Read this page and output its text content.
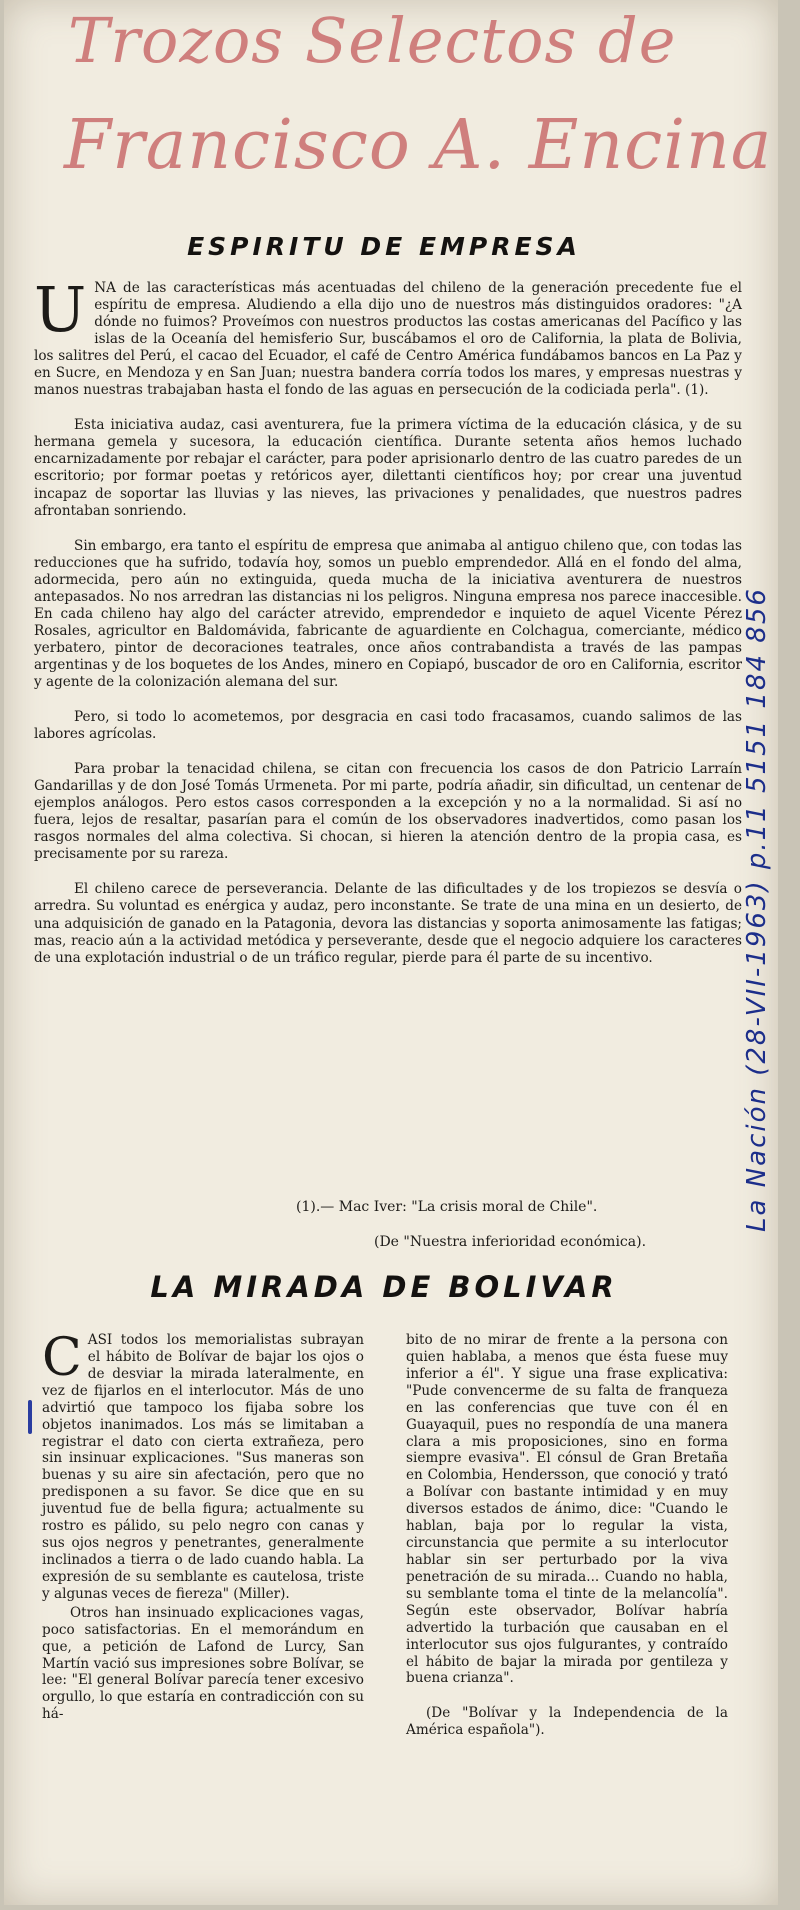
Trozos Selectos de
Francisco A. Encina
ESPIRITU DE EMPRESA

UNA de las características más acentuadas del chileno de la generación precedente fue el espíritu de empresa. Aludiendo a ella dijo uno de nuestros más distinguidos oradores: "¿A dónde no fuimos? Proveímos con nuestros productos las costas americanas del Pacífico y las islas de la Oceanía del hemisferio Sur, buscábamos el oro de California, la plata de Bolivia, los salitres del Perú, el cacao del Ecuador, el café de Centro América fundábamos bancos en La Paz y en Sucre, en Mendoza y en San Juan; nuestra bandera corría todos los mares, y empresas nuestras y manos nuestras trabajaban hasta el fondo de las aguas en persecución de la codiciada perla". (1).

Esta iniciativa audaz, casi aventurera, fue la primera víctima de la educación clásica, y de su hermana gemela y sucesora, la educación científica. Durante setenta años hemos luchado encarnizadamente por rebajar el carácter, para poder aprisionarlo dentro de las cuatro paredes de un escritorio; por formar poetas y retóricos ayer, dilettanti científicos hoy; por crear una juventud incapaz de soportar las lluvias y las nieves, las privaciones y penalidades, que nuestros padres afrontaban sonriendo.

Sin embargo, era tanto el espíritu de empresa que animaba al antiguo chileno que, con todas las reducciones que ha sufrido, todavía hoy, somos un pueblo emprendedor. Allá en el fondo del alma, adormecida, pero aún no extinguida, queda mucha de la iniciativa aventurera de nuestros antepasados. No nos arredran las distancias ni los peligros. Ninguna empresa nos parece inaccesible. En cada chileno hay algo del carácter atrevido, emprendedor e inquieto de aquel Vicente Pérez Rosales, agricultor en Baldomávida, fabricante de aguardiente en Colchagua, comerciante, médico yerbatero, pintor de decoraciones teatrales, once años contrabandista a través de las pampas argentinas y de los boquetes de los Andes, minero en Copiapó, buscador de oro en California, escritor y agente de la colonización alemana del sur.

Pero, si todo lo acometemos, por desgracia en casi todo fracasamos, cuando salimos de las labores agrícolas.

Para probar la tenacidad chilena, se citan con frecuencia los casos de don Patricio Larraín Gandarillas y de don José Tomás Urmeneta. Por mi parte, podría añadir, sin dificultad, un centenar de ejemplos análogos. Pero estos casos corresponden a la excepción y no a la normalidad. Si así no fuera, lejos de resaltar, pasarían para el común de los observadores inadvertidos, como pasan los rasgos normales del alma colectiva. Si chocan, si hieren la atención dentro de la propia casa, es precisamente por su rareza.

El chileno carece de perseverancia. Delante de las dificultades y de los tropiezos se desvía o arredra. Su voluntad es enérgica y audaz, pero inconstante. Se trate de una mina en un desierto, de una adquisición de ganado en la Patagonia, devora las distancias y soporta animosamente las fatigas; mas, reacio aún a la actividad metódica y perseverante, desde que el negocio adquiere los caracteres de una explotación industrial o de un tráfico regular, pierde para él parte de su incentivo.

(1).— Mac Iver: "La crisis moral de Chile".
(De "Nuestra inferioridad económica).
LA MIRADA DE BOLIVAR

CASI todos los memorialistas subrayan el hábito de Bolívar de bajar los ojos o de desviar la mirada lateralmente, en vez de fijarlos en el interlocutor. Más de uno advirtió que tampoco los fijaba sobre los objetos inanimados. Los más se limitaban a registrar el dato con cierta extrañeza, pero sin insinuar explicaciones. "Sus maneras son buenas y su aire sin afectación, pero que no predisponen a su favor. Se dice que en su juventud fue de bella figura; actualmente su rostro es pálido, su pelo negro con canas y sus ojos negros y penetrantes, generalmente inclinados a tierra o de lado cuando habla. La expresión de su semblante es cautelosa, triste y algunas veces de fiereza" (Miller).

Otros han insinuado explicaciones vagas, poco satisfactorias. En el memorándum en que, a petición de Lafond de Lurcy, San Martín vació sus impresiones sobre Bolívar, se lee: "El general Bolívar parecía tener excesivo orgullo, lo que estaría en contradicción con su há-

bito de no mirar de frente a la persona con quien hablaba, a menos que ésta fuese muy inferior a él". Y sigue una frase explicativa: "Pude convencerme de su falta de franqueza en las conferencias que tuve con él en Guayaquil, pues no respondía de una manera clara a mis proposiciones, sino en forma siempre evasiva". El cónsul de Gran Bretaña en Colombia, Hendersson, que conoció y trató a Bolívar con bastante intimidad y en muy diversos estados de ánimo, dice: "Cuando le hablan, baja por lo regular la vista, circunstancia que permite a su interlocutor hablar sin ser perturbado por la viva penetración de su mirada... Cuando no habla, su semblante toma el tinte de la melancolía". Según este observador, Bolívar habría advertido la turbación que causaban en el interlocutor sus ojos fulgurantes, y contraído el hábito de bajar la mirada por gentileza y buena crianza".

(De "Bolívar y la Independencia de la América española").

La Nación (28-VII-1963) p.11 5151 184 856
